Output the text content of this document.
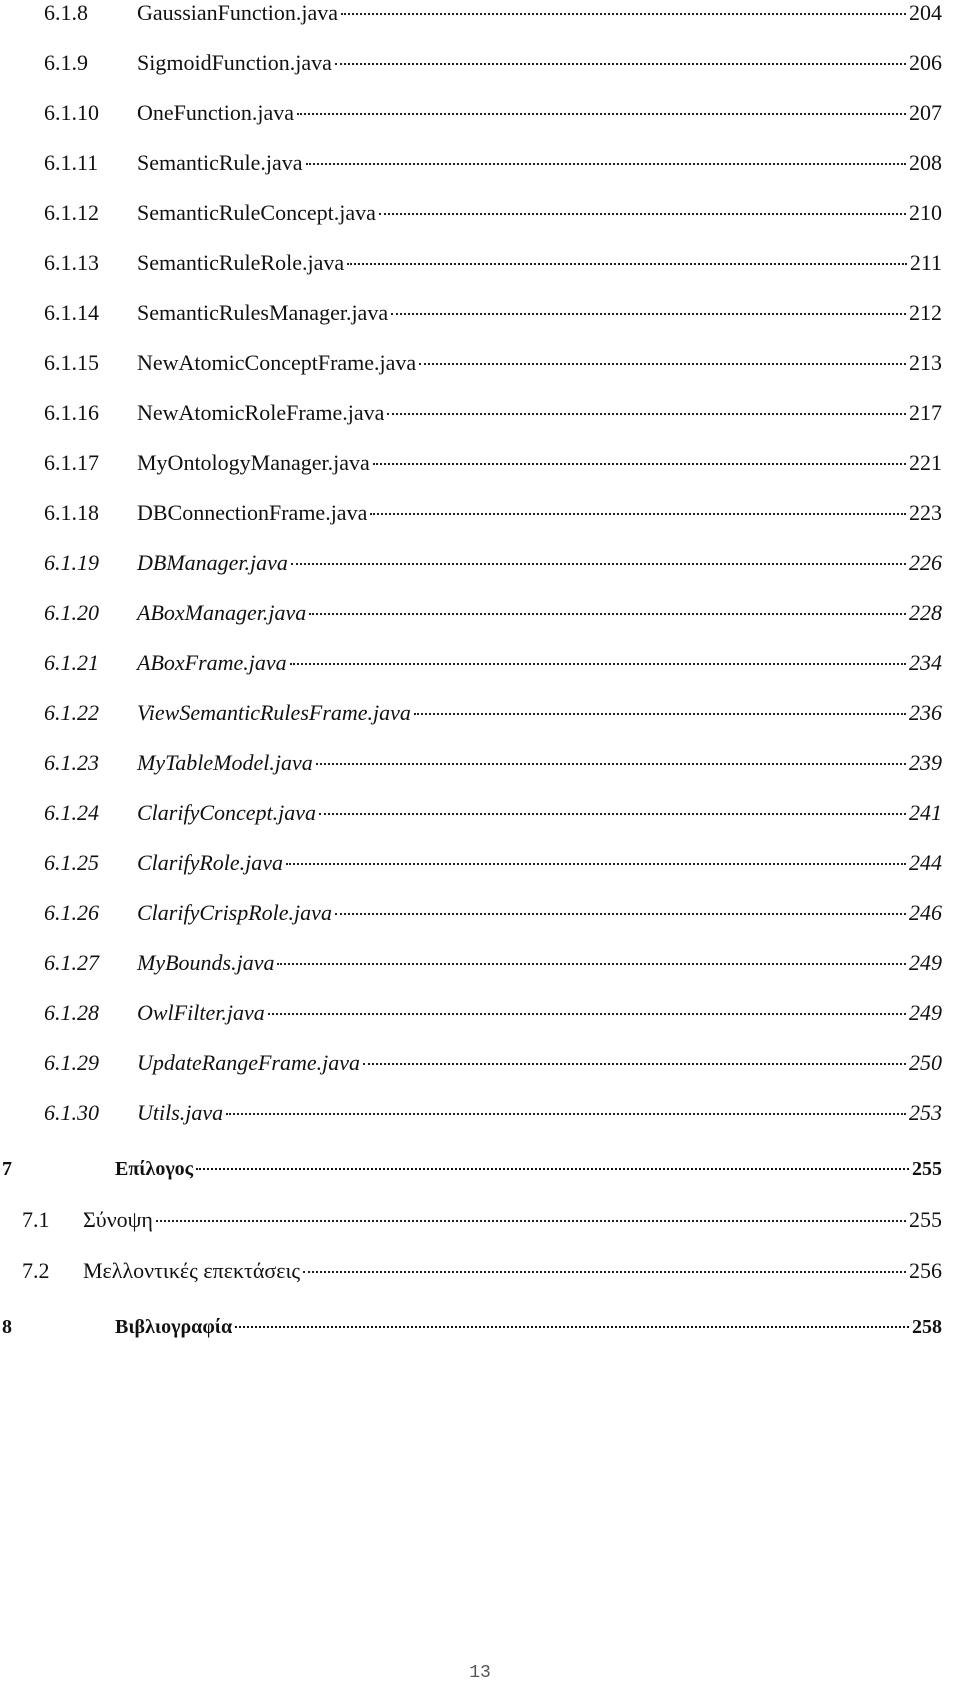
6.1.8 GaussianFunction.java	204
6.1.9 SigmoidFunction.java	206
6.1.10 OneFunction.java	207
6.1.11 SemanticRule.java	208
6.1.12 SemanticRuleConcept.java	210
6.1.13 SemanticRuleRole.java	211
6.1.14 SemanticRulesManager.java	212
6.1.15 NewAtomicConceptFrame.java	213
6.1.16 NewAtomicRoleFrame.java	217
6.1.17 MyOntologyManager.java	221
6.1.18 DBConnectionFrame.java	223
6.1.19 DBManager.java	226
6.1.20 ABoxManager.java	228
6.1.21 ABoxFrame.java	234
6.1.22 ViewSemanticRulesFrame.java	236
6.1.23 MyTableModel.java	239
6.1.24 ClarifyConcept.java	241
6.1.25 ClarifyRole.java	244
6.1.26 ClarifyCrispRole.java	246
6.1.27 MyBounds.java	249
6.1.28 OwlFilter.java	249
6.1.29 UpdateRangeFrame.java	250
6.1.30 Utils.java	253
7	Επίλογος	255
7.1 Σύνοψη	255
7.2 Μελλοντικές επεκτάσεις	256
8	Βιβλιογραφία	258
13
